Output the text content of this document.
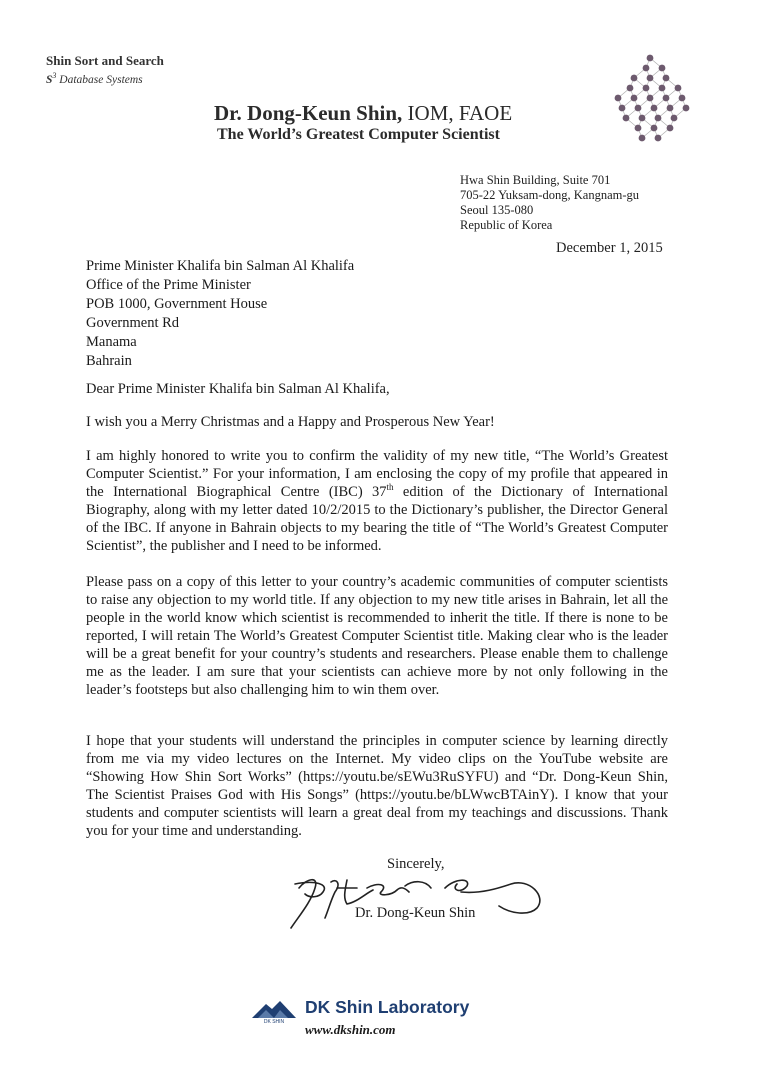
Shin Sort and Search
$S^3$ Database Systems
Dr. Dong-Keun Shin, IOM, FAOE
The World’s Greatest Computer Scientist
Hwa Shin Building, Suite 701
705-22 Yuksam-dong, Kangnam-gu
Seoul 135-080
Republic of Korea
December 1, 2015
Prime Minister Khalifa bin Salman Al Khalifa
Office of the Prime Minister
POB 1000, Government House
Government Rd
Manama
Bahrain
Dear Prime Minister Khalifa bin Salman Al Khalifa,
I wish you a Merry Christmas and a Happy and Prosperous New Year!
I am highly honored to write you to confirm the validity of my new title, “The World’s Greatest Computer Scientist.” For your information, I am enclosing the copy of my profile that appeared in the International Biographical Centre (IBC) 37th edition of the Dictionary of International Biography, along with my letter dated 10/2/2015 to the Dictionary’s publisher, the Director General of the IBC. If anyone in Bahrain objects to my bearing the title of “The World’s Greatest Computer Scientist”, the publisher and I need to be informed.
Please pass on a copy of this letter to your country’s academic communities of computer scientists to raise any objection to my world title. If any objection to my new title arises in Bahrain, let all the people in the world know which scientist is recommended to inherit the title. If there is none to be reported, I will retain The World’s Greatest Computer Scientist title. Making clear who is the leader will be a great benefit for your country’s students and researchers. Please enable them to challenge me as the leader. I am sure that your scientists can achieve more by not only following in the leader’s footsteps but also challenging him to win them over.
I hope that your students will understand the principles in computer science by learning directly from me via my video lectures on the Internet. My video clips on the YouTube website are “Showing How Shin Sort Works” (https://youtu.be/sEWu3RuSYFU) and “Dr. Dong-Keun Shin, The Scientist Praises God with His Songs” (https://youtu.be/bLWwcBTAinY). I know that your students and computer scientists will learn a great deal from my teachings and discussions. Thank you for your time and understanding.
Sincerely,
Dr. Dong-Keun Shin
DK SHIN
DK Shin Laboratory
www.dkshin.com
